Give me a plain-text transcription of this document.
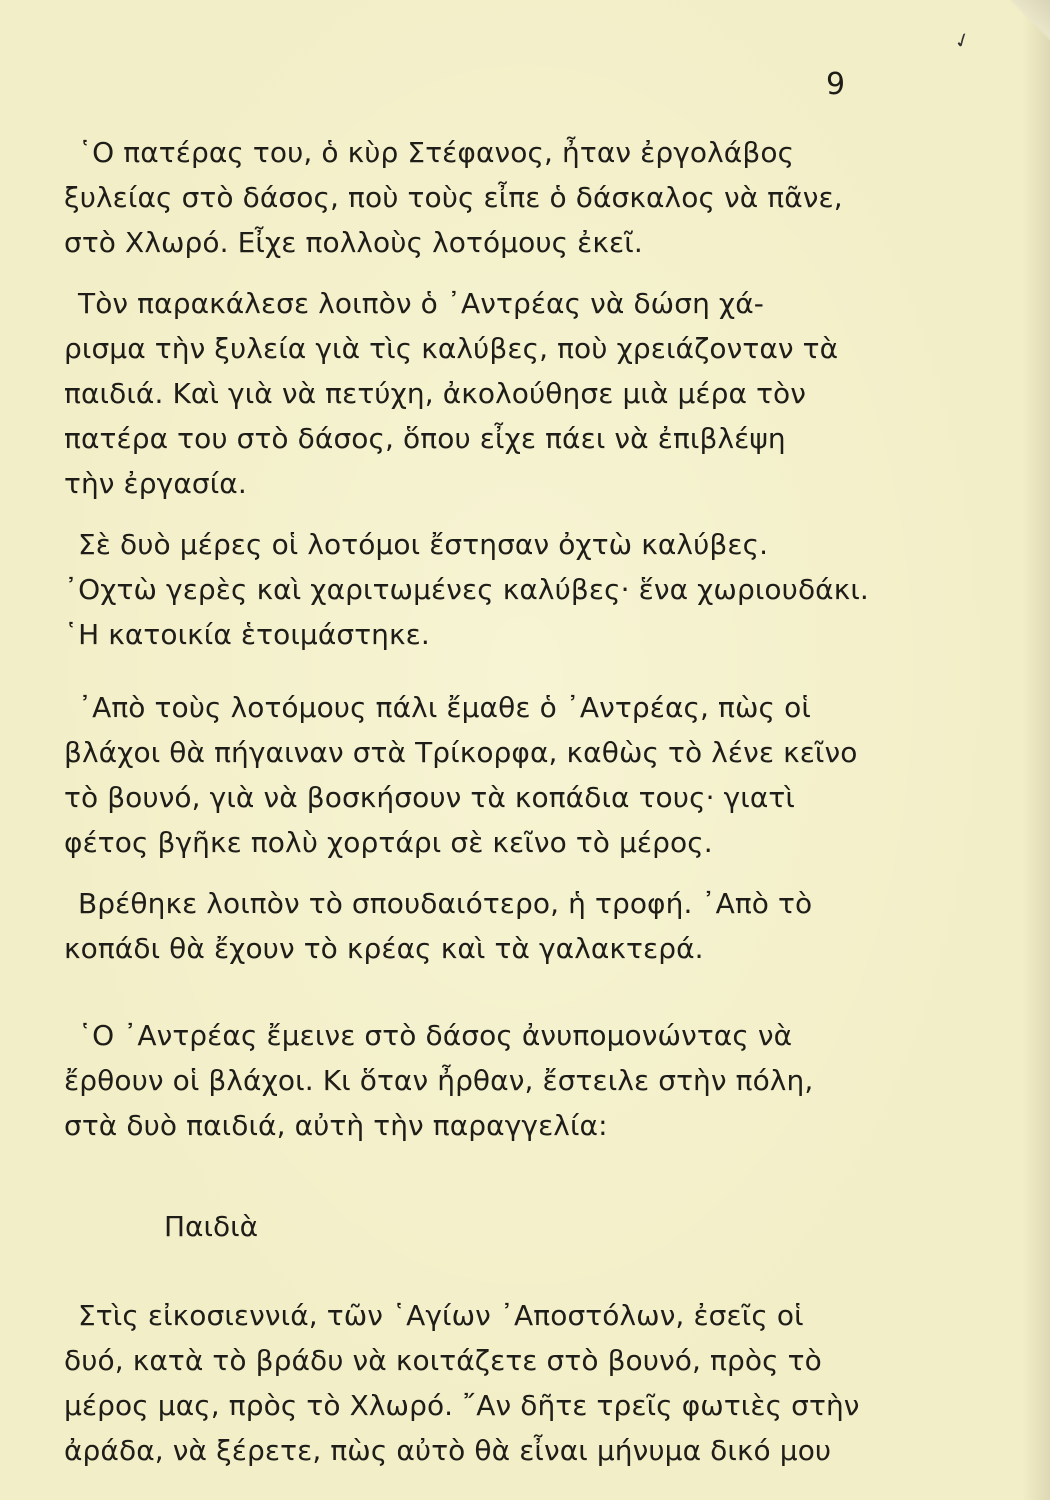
✓
9

῾Ο πατέρας του, ὁ κὺρ Στέφανος, ἦταν ἐργολάβος
ξυλείας στὸ δάσος, ποὺ τοὺς εἶπε ὁ δάσκαλος νὰ πᾶνε,
στὸ Χλωρό. Εἶχε πολλοὺς λοτόμους ἐκεῖ.

Τὸν παρακάλεσε λοιπὸν ὁ ᾿Αντρέας νὰ δώση χά-
ρισμα τὴν ξυλεία γιὰ τὶς καλύβες, ποὺ χρειάζονταν τὰ
παιδιά. Καὶ γιὰ νὰ πετύχη, ἀκολούθησε μιὰ μέρα τὸν
πατέρα του στὸ δάσος, ὅπου εἶχε πάει νὰ ἐπιβλέψη
τὴν ἐργασία.

Σὲ δυὸ μέρες οἱ λοτόμοι ἔστησαν ὀχτὼ καλύβες.
᾿Οχτὼ γερὲς καὶ χαριτωμένες καλύβες· ἕνα χωριουδάκι.
῾Η κατοικία ἑτοιμάστηκε.

᾿Απὸ τοὺς λοτόμους πάλι ἔμαθε ὁ ᾿Αντρέας, πὼς οἱ
βλάχοι θὰ πήγαιναν στὰ Τρίκορφα, καθὼς τὸ λένε κεῖνο
τὸ βουνό, γιὰ νὰ βοσκήσουν τὰ κοπάδια τους· γιατὶ
φέτος βγῆκε πολὺ χορτάρι σὲ κεῖνο τὸ μέρος.

Βρέθηκε λοιπὸν τὸ σπουδαιότερο, ἡ τροφή. ᾿Απὸ τὸ
κοπάδι θὰ ἔχουν τὸ κρέας καὶ τὰ γαλακτερά.

῾Ο ᾿Αντρέας ἔμεινε στὸ δάσος ἀνυπομονώντας νὰ
ἔρθουν οἱ βλάχοι. Κι ὅταν ἦρθαν, ἔστειλε στὴν πόλη,
στὰ δυὸ παιδιά, αὐτὴ τὴν παραγγελία:

Παιδιὰ

Στὶς εἰκοσιεννιά, τῶν ῾Αγίων ᾿Αποστόλων, ἐσεῖς οἱ
δυό, κατὰ τὸ βράδυ νὰ κοιτάζετε στὸ βουνό, πρὸς τὸ
μέρος μας, πρὸς τὸ Χλωρό. ῎Αν δῆτε τρεῖς φωτιὲς στὴν
ἀράδα, νὰ ξέρετε, πὼς αὐτὸ θὰ εἶναι μήνυμα δικό μου
